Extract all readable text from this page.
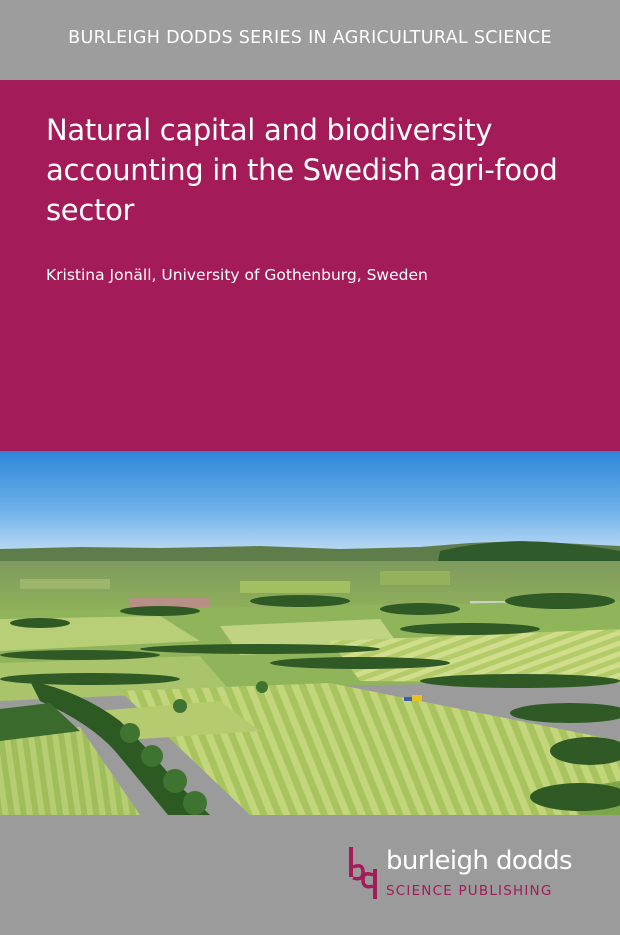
BURLEIGH DODDS SERIES IN AGRICULTURAL SCIENCE
Natural capital and biodiversity accounting in the Swedish agri-food sector
Kristina Jonäll, University of Gothenburg, Sweden
burleigh dodds
SCIENCE PUBLISHING
